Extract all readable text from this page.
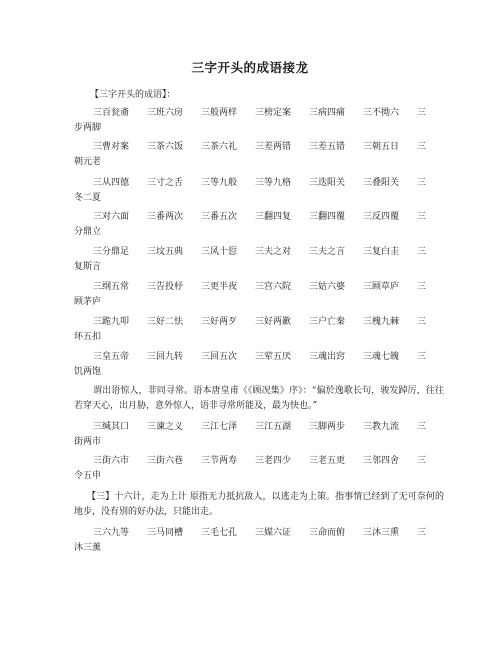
三字开头的成语接龙
【三字开头的成语】：
三百瓮齑 三班六房 三般两样 三榜定案 三病四痛 三不拗六 三
步两脚
三曹对案 三茶六饭 三茶六礼 三差两错 三差五错 三朝五日 三
朝元老
三从四德 三寸之舌 三等九般 三等九格 三迭阳关 三叠阳关 三
冬二夏
三对六面 三番两次 三番五次 三翻四复 三翻四覆 三反四覆 三
分鼎立
三分鼎足 三坟五典 三风十愆 三夫之对 三夫之言 三复白圭 三
复斯言
三纲五常 三告投杼 三更半夜 三宫六院 三姑六婆 三顾草庐 三
顾茅庐
三跪九叩 三好二怯 三好两歹 三好两歉 三户亡秦 三槐九棘 三
环五扣
三皇五帝 三回九转 三回五次 三荤五厌 三魂出窍 三魂七魄 三
饥两饱
谓出语惊人，非同寻常。语本唐皇甫《《顾况集》序》：“偏於逸歌长句，骏发踔厉，往往若穿天心，出月胁，意外惊人，语非寻常所能及，最为快也。”
三缄其口 三谏之义 三江七泽 三江五湖 三脚两步 三教九流 三
街两市
三街六市 三街六巷 三节两寿 三老四少 三老五更 三邻四舍 三
令五申
【三】十六计，走为上计 原指无力抵抗敌人，以逃走为上策。指事情已经到了无可奈何的地步，没有别的好办法，只能出走。
三六九等 三马同槽 三毛七孔 三媒六证 三命而俯 三沐三熏 三
沐三薰
